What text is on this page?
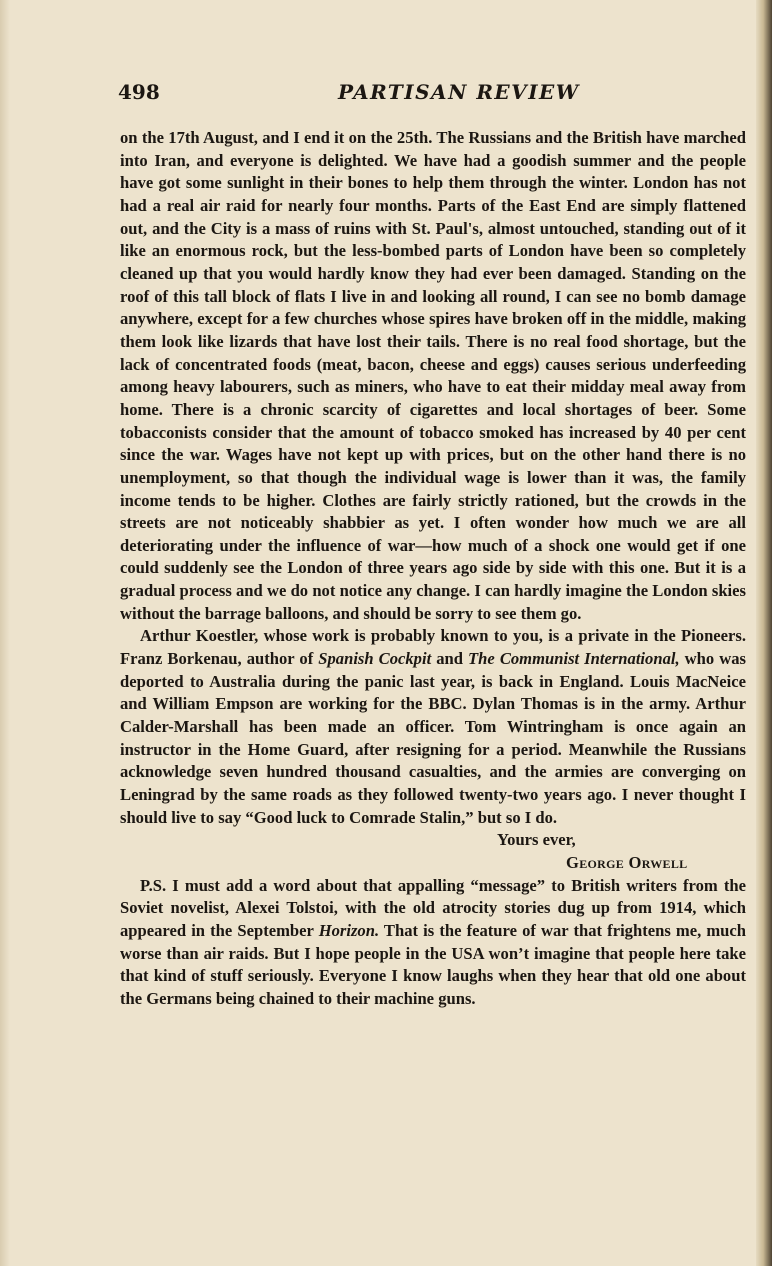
498	PARTISAN REVIEW

on the 17th August, and I end it on the 25th. The Russians and the British have marched into Iran, and everyone is delighted. We have had a goodish summer and the people have got some sunlight in their bones to help them through the winter. London has not had a real air raid for nearly four months. Parts of the East End are simply flattened out, and the City is a mass of ruins with St. Paul's, almost untouched, standing out of it like an enormous rock, but the less-bombed parts of London have been so completely cleaned up that you would hardly know they had ever been damaged. Standing on the roof of this tall block of flats I live in and looking all round, I can see no bomb damage anywhere, except for a few churches whose spires have broken off in the middle, making them look like lizards that have lost their tails. There is no real food shortage, but the lack of concentrated foods (meat, bacon, cheese and eggs) causes serious underfeeding among heavy labourers, such as miners, who have to eat their midday meal away from home. There is a chronic scarcity of cigarettes and local shortages of beer. Some tobacconists consider that the amount of tobacco smoked has increased by 40 per cent since the war. Wages have not kept up with prices, but on the other hand there is no unemployment, so that though the individual wage is lower than it was, the family income tends to be higher. Clothes are fairly strictly rationed, but the crowds in the streets are not noticeably shabbier as yet. I often wonder how much we are all deteriorating under the influence of war—how much of a shock one would get if one could suddenly see the London of three years ago side by side with this one. But it is a gradual process and we do not notice any change. I can hardly imagine the London skies without the barrage balloons, and should be sorry to see them go.

Arthur Koestler, whose work is probably known to you, is a private in the Pioneers. Franz Borkenau, author of Spanish Cockpit and The Communist International, who was deported to Australia during the panic last year, is back in England. Louis MacNeice and William Empson are working for the BBC. Dylan Thomas is in the army. Arthur Calder-Marshall has been made an officer. Tom Wintringham is once again an instructor in the Home Guard, after resigning for a period. Meanwhile the Russians acknowledge seven hundred thousand casualties, and the armies are converging on Leningrad by the same roads as they followed twenty-two years ago. I never thought I should live to say “Good luck to Comrade Stalin,” but so I do.

Yours ever,

George Orwell

P.S. I must add a word about that appalling “message” to British writers from the Soviet novelist, Alexei Tolstoi, with the old atrocity stories dug up from 1914, which appeared in the September Horizon. That is the feature of war that frightens me, much worse than air raids. But I hope people in the USA won’t imagine that people here take that kind of stuff seriously. Everyone I know laughs when they hear that old one about the Germans being chained to their machine guns.
